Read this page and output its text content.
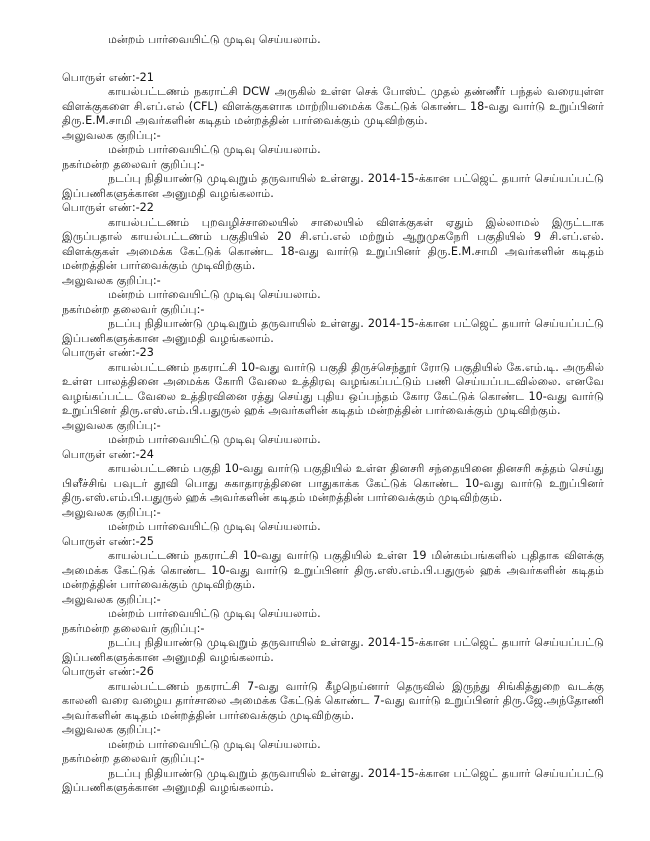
மன்றம் பார்வையிட்டு முடிவு செய்யலாம்.

பொருள் எண்:-21

காயல்பட்டணம் நகராட்சி DCW அருகில் உள்ள செக் போஸ்ட் முதல் தண்ணீர் பந்தல் வரையுள்ள விளக்குகளை சி.எப்.எல் (CFL) விளக்குகளாக மாற்றியமைக்க கேட்டுக் கொண்ட 18-வது வார்டு உறுப்பினர் திரு.E.M.சாமி அவர்களின் கடிதம் மன்றத்தின் பார்வைக்கும் முடிவிற்கும்.

அலுவலக குறிப்பு:-

மன்றம் பார்வையிட்டு முடிவு செய்யலாம்.

நகர்மன்ற தலைவர் குறிப்பு:-

நடப்பு நிதியாண்டு முடிவுறும் தருவாயில் உள்ளது. 2014-15-க்கான பட்ஜெட் தயார் செய்யப்பட்டு இப்பணிகளுக்கான அனுமதி வழங்கலாம்.

பொருள் எண்:-22

காயல்பட்டணம் புறவழிச்சாலையில் சாலையில் விளக்குகள் ஏதும் இல்லாமல் இருட்டாக இருப்பதால் காயல்பட்டணம் பகுதியில் 20 சி.எப்.எல் மற்றும் ஆறுமுகநேரி பகுதியில் 9 சி.எப்.எல். விளக்குகள் அமைக்க கேட்டுக் கொண்ட 18-வது வார்டு உறுப்பினர் திரு.E.M.சாமி அவர்களின் கடிதம் மன்றத்தின் பார்வைக்கும் முடிவிற்கும்.

அலுவலக குறிப்பு:-

மன்றம் பார்வையிட்டு முடிவு செய்யலாம்.

நகர்மன்ற தலைவர் குறிப்பு:-

நடப்பு நிதியாண்டு முடிவுறும் தருவாயில் உள்ளது. 2014-15-க்கான பட்ஜெட் தயார் செய்யப்பட்டு இப்பணிகளுக்கான அனுமதி வழங்கலாம்.

பொருள் எண்:-23

காயல்பட்டணம் நகராட்சி 10-வது வார்டு பகுதி திருச்செந்தூர் ரோடு பகுதியில் கே.எம்.டி. அருகில் உள்ள பாலத்தினை அமைக்க கோரி வேலை உத்திரவு வழங்கப்பட்டும் பணி செய்யப்படவில்லை. எனவே வழங்கப்பட்ட வேலை உத்திரவினை ரத்து செய்து புதிய ஒப்பந்தம் கோர கேட்டுக் கொண்ட 10-வது வார்டு உறுப்பினர் திரு.எஸ்.எம்.பி.பதுருல் ஹக் அவர்களின் கடிதம் மன்றத்தின் பார்வைக்கும் முடிவிற்கும்.

அலுவலக குறிப்பு:-

மன்றம் பார்வையிட்டு முடிவு செய்யலாம்.

பொருள் எண்:-24

காயல்பட்டணம் பகுதி 10-வது வார்டு பகுதியில் உள்ள தினசரி சந்தையினை தினசரி சுத்தம் செய்து பிளீச்சிங் பவுடர் தூவி பொது சுகாதாரத்தினை பாதுகாக்க கேட்டுக் கொண்ட 10-வது வார்டு உறுப்பினர் திரு.எஸ்.எம்.பி.பதுருல் ஹக் அவர்களின் கடிதம் மன்றத்தின் பார்வைக்கும் முடிவிற்கும்.

அலுவலக குறிப்பு:-

மன்றம் பார்வையிட்டு முடிவு செய்யலாம்.

பொருள் எண்:-25

காயல்பட்டணம் நகராட்சி 10-வது வார்டு பகுதியில் உள்ள 19 மின்கம்பங்களில் புதிதாக விளக்கு அமைக்க கேட்டுக் கொண்ட 10-வது வார்டு உறுப்பினர் திரு.எஸ்.எம்.பி.பதுருல் ஹக் அவர்களின் கடிதம் மன்றத்தின் பார்வைக்கும் முடிவிற்கும்.

அலுவலக குறிப்பு:-

மன்றம் பார்வையிட்டு முடிவு செய்யலாம்.

நகர்மன்ற தலைவர் குறிப்பு:-

நடப்பு நிதியாண்டு முடிவுறும் தருவாயில் உள்ளது. 2014-15-க்கான பட்ஜெட் தயார் செய்யப்பட்டு இப்பணிகளுக்கான அனுமதி வழங்கலாம்.

பொருள் எண்:-26

காயல்பட்டணம் நகராட்சி 7-வது வார்டு கீழநெய்னார் தெருவில் இருந்து சிங்கித்துறை வடக்கு காலனி வரை வழைய தார்சாலை அமைக்க கேட்டுக் கொண்ட 7-வது வார்டு உறுப்பினர் திரு.ஜே.அந்தோணி அவர்களின் கடிதம் மன்றத்தின் பார்வைக்கும் முடிவிற்கும்.

அலுவலக குறிப்பு:-

மன்றம் பார்வையிட்டு முடிவு செய்யலாம்.

நகர்மன்ற தலைவர் குறிப்பு:-

நடப்பு நிதியாண்டு முடிவுறும் தருவாயில் உள்ளது. 2014-15-க்கான பட்ஜெட் தயார் செய்யப்பட்டு இப்பணிகளுக்கான அனுமதி வழங்கலாம்.
